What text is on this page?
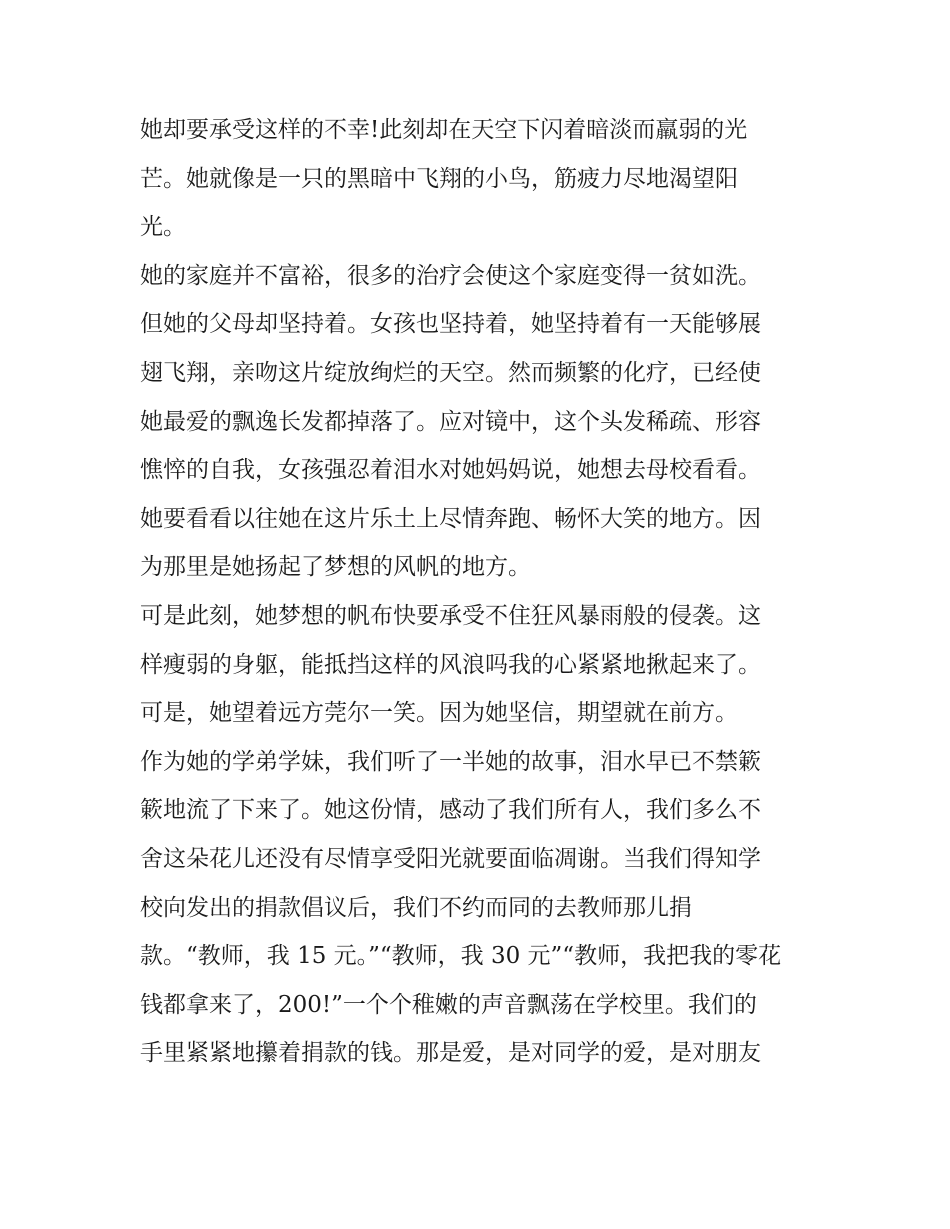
她却要承受这样的不幸!此刻却在天空下闪着暗淡而羸弱的光
芒。她就像是一只的黑暗中飞翔的小鸟，筋疲力尽地渴望阳
光。
她的家庭并不富裕，很多的治疗会使这个家庭变得一贫如洗。
但她的父母却坚持着。女孩也坚持着，她坚持着有一天能够展
翅飞翔，亲吻这片绽放绚烂的天空。然而频繁的化疗，已经使
她最爱的飘逸长发都掉落了。应对镜中，这个头发稀疏、形容
憔悴的自我，女孩强忍着泪水对她妈妈说，她想去母校看看。
她要看看以往她在这片乐土上尽情奔跑、畅怀大笑的地方。因
为那里是她扬起了梦想的风帆的地方。
可是此刻，她梦想的帆布快要承受不住狂风暴雨般的侵袭。这
样瘦弱的身躯，能抵挡这样的风浪吗我的心紧紧地揪起来了。
可是，她望着远方莞尔一笑。因为她坚信，期望就在前方。
作为她的学弟学妹，我们听了一半她的故事，泪水早已不禁簌
簌地流了下来了。她这份情，感动了我们所有人，我们多么不
舍这朵花儿还没有尽情享受阳光就要面临凋谢。当我们得知学
校向发出的捐款倡议后，我们不约而同的去教师那儿捐
款。“教师，我 15 元。”“教师，我 30 元”“教师，我把我的零花
钱都拿来了，200!”一个个稚嫩的声音飘荡在学校里。我们的
手里紧紧地攥着捐款的钱。那是爱，是对同学的爱，是对朋友
